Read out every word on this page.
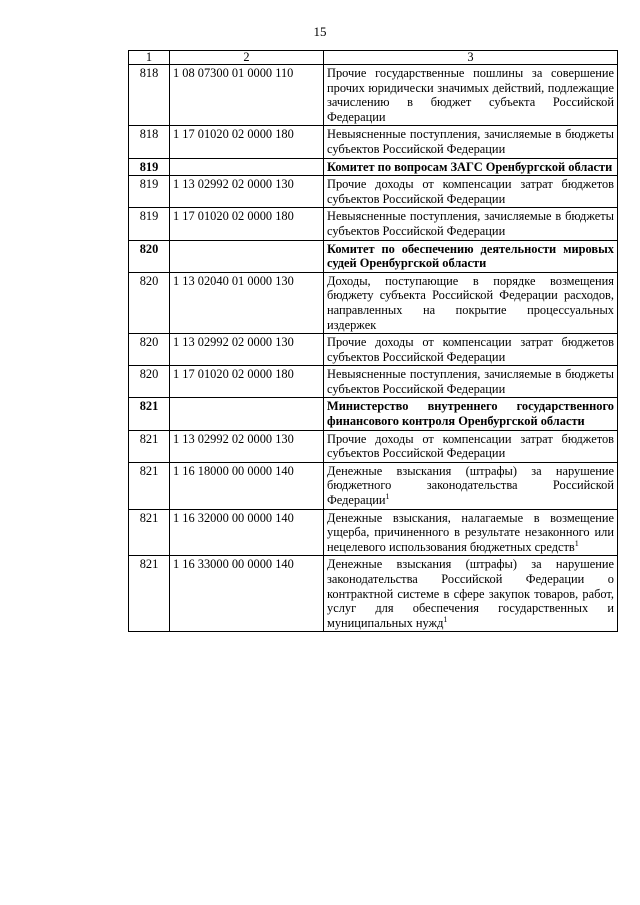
15
1	2	3
818	1 08 07300 01 0000 110	Прочие государственные пошлины за совершение прочих юридически значимых действий, подлежащие зачислению в бюджет субъекта Российской Федерации
818	1 17 01020 02 0000 180	Невыясненные поступления, зачисляемые в бюджеты субъектов Российской Федерации
819		Комитет по вопросам ЗАГС Оренбургской области
819	1 13 02992 02 0000 130	Прочие доходы от компенсации затрат бюджетов субъектов Российской Федерации
819	1 17 01020 02 0000 180	Невыясненные поступления, зачисляемые в бюджеты субъектов Российской Федерации
820		Комитет по обеспечению деятельности мировых судей Оренбургской области
820	1 13 02040 01 0000 130	Доходы, поступающие в порядке возмещения бюджету субъекта Российской Федерации расходов, направленных на покрытие процессуальных издержек
820	1 13 02992 02 0000 130	Прочие доходы от компенсации затрат бюджетов субъектов Российской Федерации
820	1 17 01020 02 0000 180	Невыясненные поступления, зачисляемые в бюджеты субъектов Российской Федерации
821		Министерство внутреннего государственного финансового контроля Оренбургской области
821	1 13 02992 02 0000 130	Прочие доходы от компенсации затрат бюджетов субъектов Российской Федерации
821	1 16 18000 00 0000 140	Денежные взыскания (штрафы) за нарушение бюджетного законодательства Российской Федерации$^1$
821	1 16 32000 00 0000 140	Денежные взыскания, налагаемые в возмещение ущерба, причиненного в результате незаконного или нецелевого использования бюджетных средств$^1$
821	1 16 33000 00 0000 140	Денежные взыскания (штрафы) за нарушение законодательства Российской Федерации о контрактной системе в сфере закупок товаров, работ, услуг для обеспечения государственных и муниципальных нужд$^1$
